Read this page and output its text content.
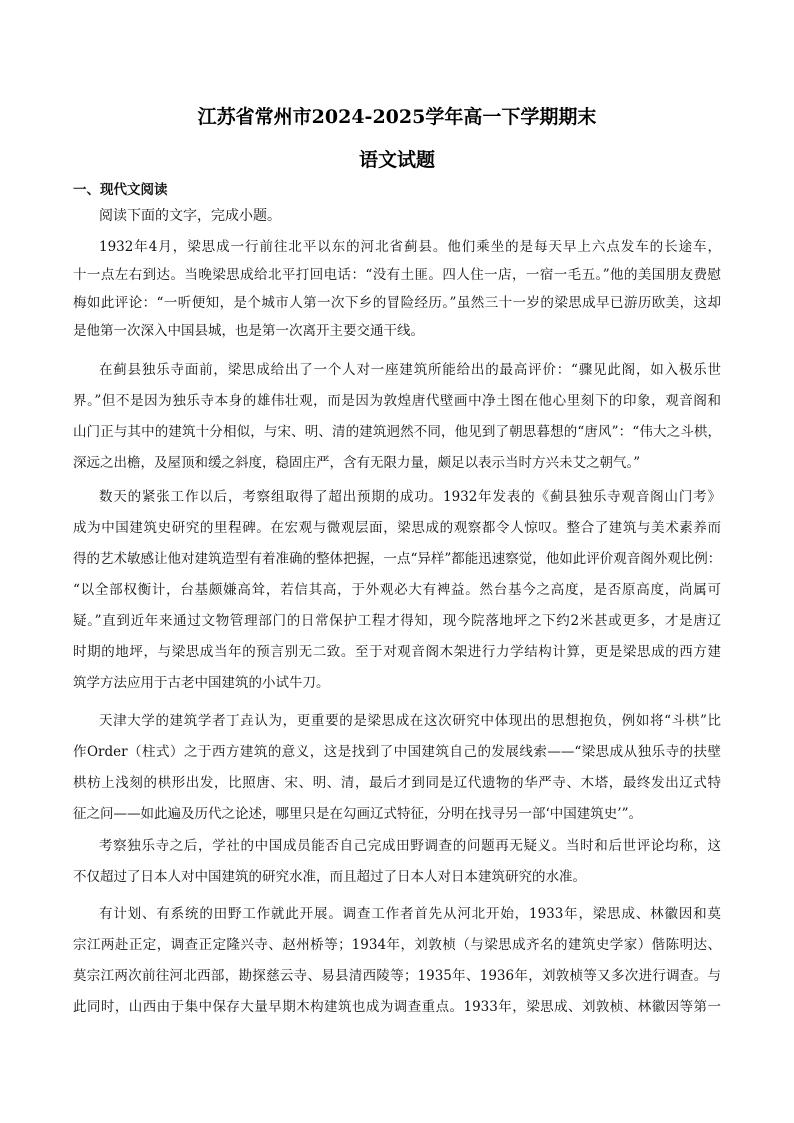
江苏省常州市2024-2025学年高一下学期期末
语文试题
一、现代文阅读
阅读下面的文字，完成小题。
1932年4月，梁思成一行前往北平以东的河北省蓟县。他们乘坐的是每天早上六点发车的长途车，
十一点左右到达。当晚梁思成给北平打回电话：“没有土匪。四人住一店，一宿一毛五。”他的美国朋友费慰
梅如此评论：“一听便知，是个城市人第一次下乡的冒险经历。”虽然三十一岁的梁思成早已游历欧美，这却
是他第一次深入中国县城，也是第一次离开主要交通干线。
在蓟县独乐寺面前，梁思成给出了一个人对一座建筑所能给出的最高评价：“骤见此阁，如入极乐世
界。”但不是因为独乐寺本身的雄伟壮观，而是因为敦煌唐代壁画中净土图在他心里刻下的印象，观音阁和
山门正与其中的建筑十分相似，与宋、明、清的建筑迥然不同，他见到了朝思暮想的“唐风”：“伟大之斗栱，
深远之出檐，及屋顶和缓之斜度，稳固庄严，含有无限力量，颇足以表示当时方兴未艾之朝气。”
数天的紧张工作以后，考察组取得了超出预期的成功。1932年发表的《蓟县独乐寺观音阁山门考》
成为中国建筑史研究的里程碑。在宏观与微观层面，梁思成的观察都令人惊叹。整合了建筑与美术素养而
得的艺术敏感让他对建筑造型有着准确的整体把握，一点“异样”都能迅速察觉，他如此评价观音阁外观比例：
“以全部权衡计，台基颇嫌高耸，若信其高，于外观必大有裨益。然台基今之高度，是否原高度，尚属可
疑。”直到近年来通过文物管理部门的日常保护工程才得知，现今院落地坪之下约2米甚或更多，才是唐辽
时期的地坪，与梁思成当年的预言别无二致。至于对观音阁木架进行力学结构计算，更是梁思成的西方建
筑学方法应用于古老中国建筑的小试牛刀。
天津大学的建筑学者丁垚认为，更重要的是梁思成在这次研究中体现出的思想抱负，例如将“斗栱”比
作Order（柱式）之于西方建筑的意义，这是找到了中国建筑自己的发展线索——“梁思成从独乐寺的扶壁
栱枋上浅刻的栱形出发，比照唐、宋、明、清，最后才到同是辽代遗物的华严寺、木塔，最终发出辽式特
征之问——如此遍及历代之论述，哪里只是在勾画辽式特征，分明在找寻另一部‘中国建筑史’”。
考察独乐寺之后，学社的中国成员能否自己完成田野调查的问题再无疑义。当时和后世评论均称，这
不仅超过了日本人对中国建筑的研究水准，而且超过了日本人对日本建筑研究的水准。
有计划、有系统的田野工作就此开展。调查工作者首先从河北开始，1933年，梁思成、林徽因和莫
宗江两赴正定，调查正定隆兴寺、赵州桥等；1934年，刘敦桢（与梁思成齐名的建筑史学家）偕陈明达、
莫宗江两次前往河北西部，勘探慈云寺、易县清西陵等；1935年、1936年，刘敦桢等又多次进行调查。与
此同时，山西由于集中保存大量早期木构建筑也成为调查重点。1933年，梁思成、刘敦桢、林徽因等第一
